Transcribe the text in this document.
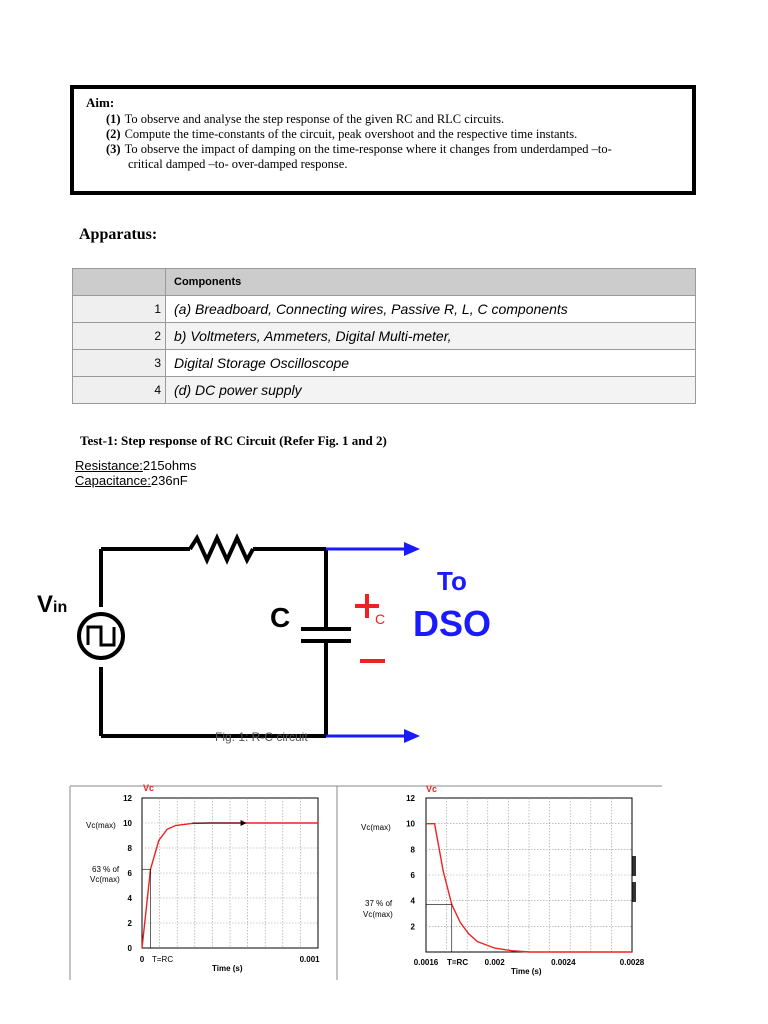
Aim:
(1) To observe and analyse the step response of the given RC and RLC circuits.
(2) Compute the time-constants of the circuit, peak overshoot and the respective time instants.
(3) To observe the impact of damping on the time-response where it changes from underdamped –to-
critical damped –to- over-damped response.
Apparatus:
	Components
1	(a) Breadboard, Connecting wires, Passive R, L, C components
2	b) Voltmeters, Ammeters, Digital Multi-meter,
3	Digital Storage Oscilloscope
4	(d) DC power supply
Test-1: Step response of RC Circuit (Refer Fig. 1 and 2)
Resistance:215ohms
Capacitance:236nF
Vin	C	C
To
DSO
Fig. 1: R-C circuit
Vc
Vc(max)
63 % of
Vc(max)
T=RC
Time (s)
Vc
Vc(max)
37 % of
Vc(max)
T=RC
Time (s)
0
2
4
6
8
10
12
0	0.001
2
4
6
8
10
12
0.0016	0.002	0.0024	0.0028
